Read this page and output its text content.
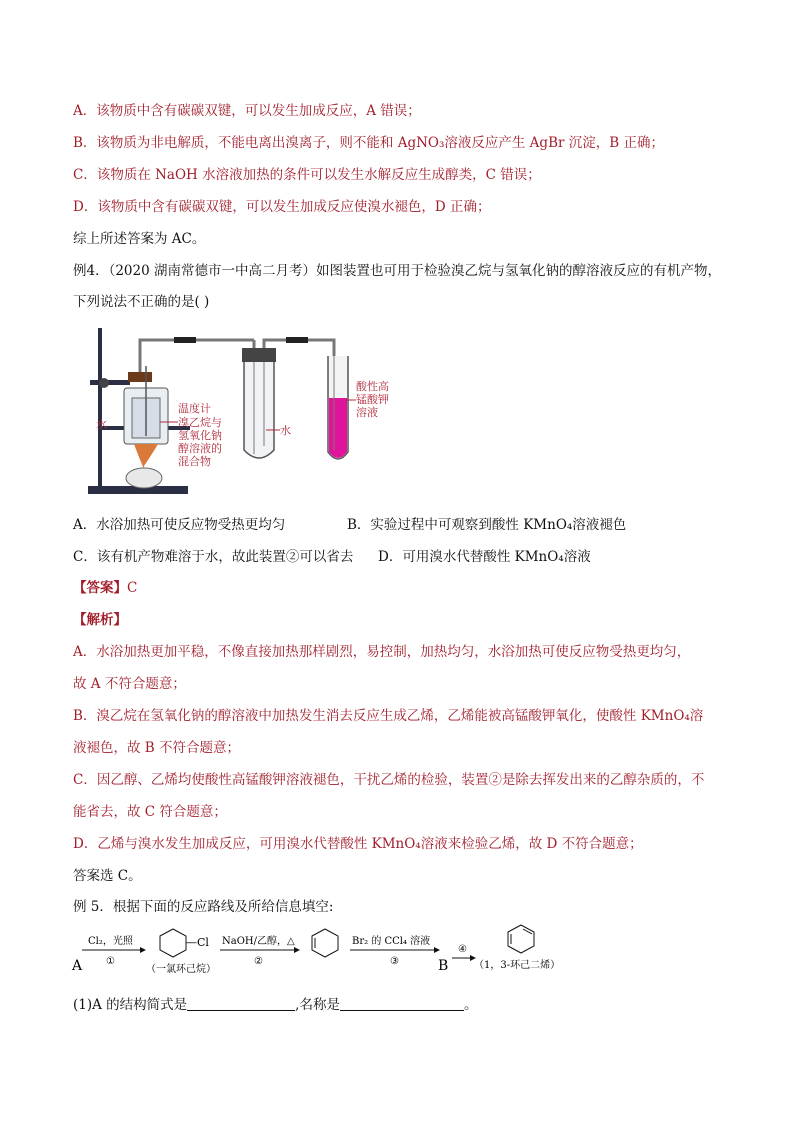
A．该物质中含有碳碳双键，可以发生加成反应，A 错误；
B．该物质为非电解质，不能电离出溴离子，则不能和 AgNO₃溶液反应产生 AgBr 沉淀，B 正确；
C．该物质在 NaOH 水溶液加热的条件可以发生水解反应生成醇类，C 错误；
D．该物质中含有碳碳双键，可以发生加成反应使溴水褪色，D 正确；
综上所述答案为 AC。
例4．（2020 湖南常德市一中高二月考）如图装置也可用于检验溴乙烷与氢氧化钠的醇溶液反应的有机产物，
下列说法不正确的是( )
温度计
水	溴乙烷与
氢氧化钠
醇溶液的
混合物
水
酸性高
锰酸钾
溶液
A．水浴加热可使反应物受热更均匀	B．实验过程中可观察到酸性 KMnO₄溶液褪色
C．该有机产物难溶于水，故此装置②可以省去 D．可用溴水代替酸性 KMnO₄溶液
【答案】C
【解析】
A．水浴加热更加平稳，不像直接加热那样剧烈，易控制，加热均匀，水浴加热可使反应物受热更均匀，
故 A 不符合题意；
B．溴乙烷在氢氧化钠的醇溶液中加热发生消去反应生成乙烯，乙烯能被高锰酸钾氧化，使酸性 KMnO₄溶
液褪色，故 B 不符合题意；
C．因乙醇、乙烯均使酸性高锰酸钾溶液褪色，干扰乙烯的检验，装置②是除去挥发出来的乙醇杂质的，不
能省去，故 C 符合题意；
D．乙烯与溴水发生加成反应，可用溴水代替酸性 KMnO₄溶液来检验乙烯，故 D 不符合题意；
答案选 C。
例 5．根据下面的反应路线及所给信息填空:
A
Cl₂，光照
①
—Cl
（一氯环己烷）
NaOH/乙醇，△
②
Br₂ 的 CCl₄ 溶液
③	B
④
（1，3-环己二烯）
(1)A 的结构简式是	,名称是	。
